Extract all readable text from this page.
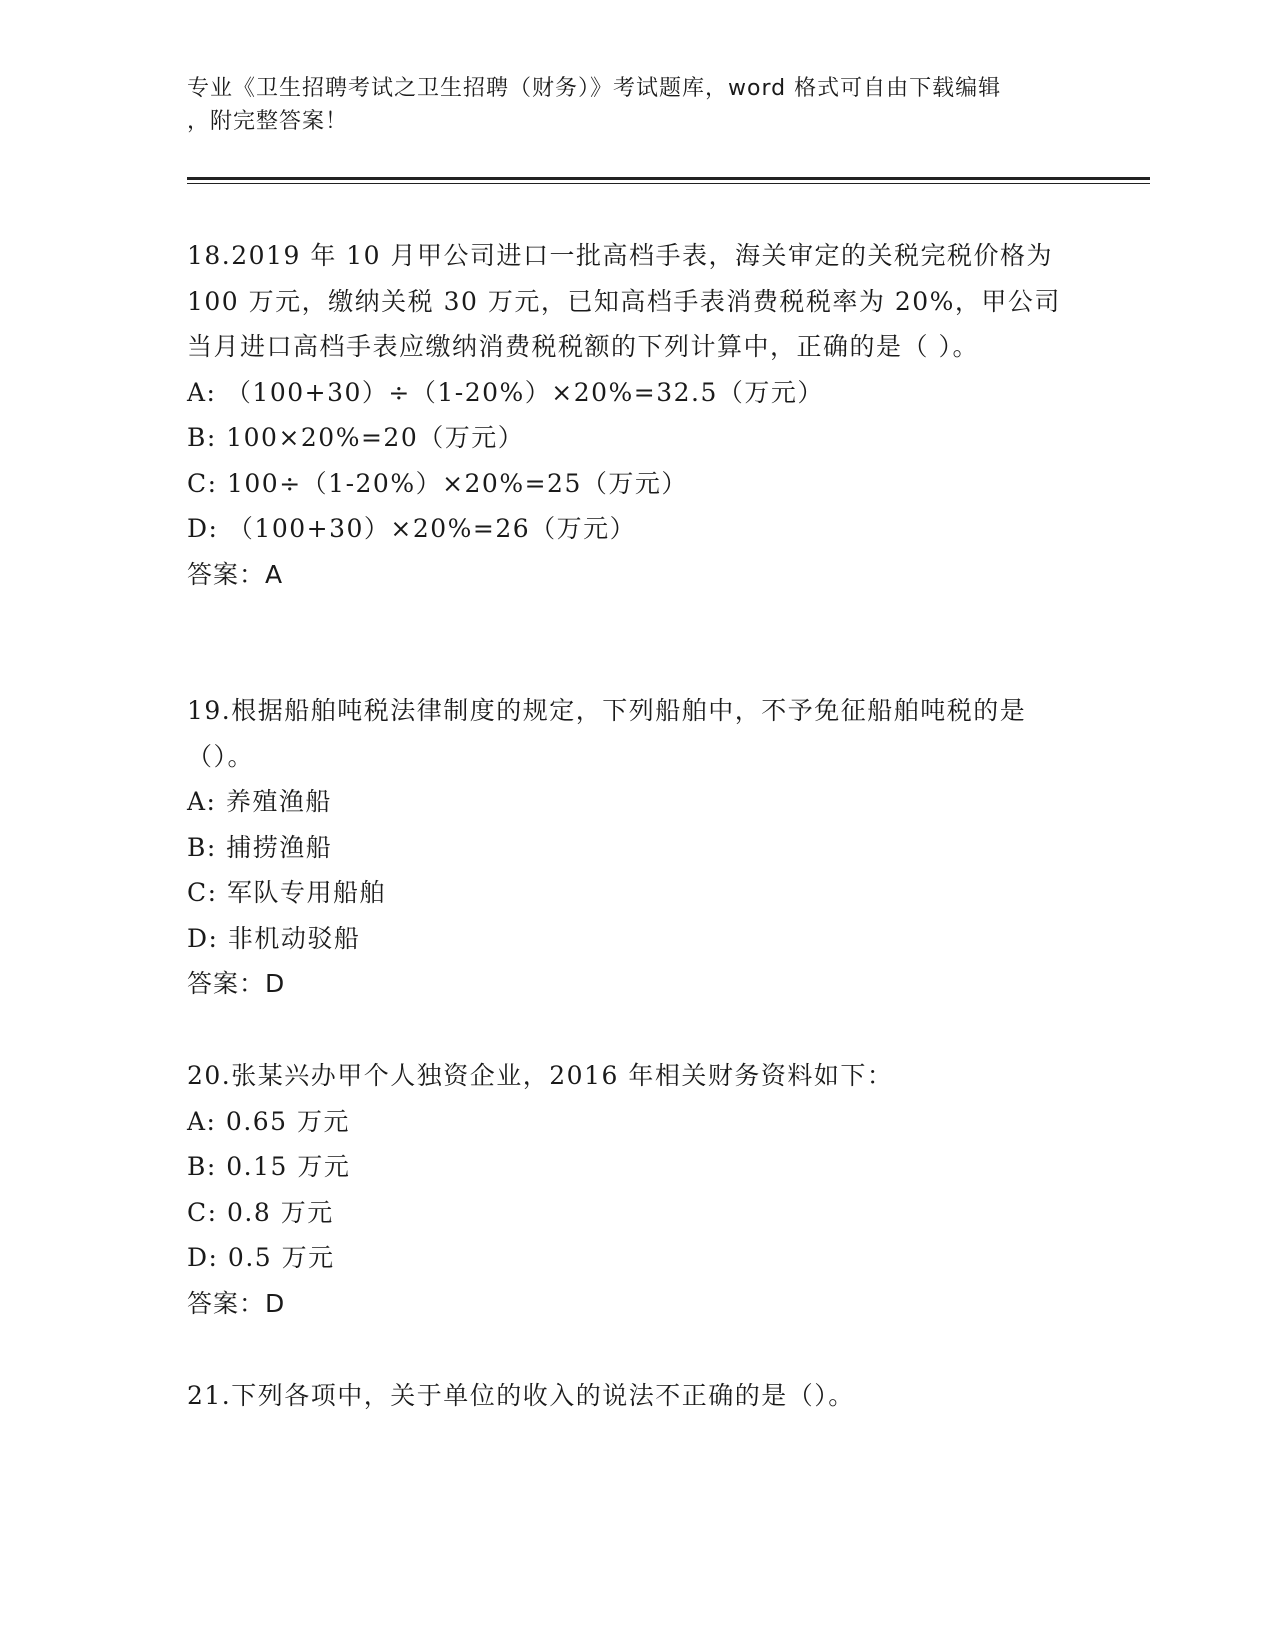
专业《卫生招聘考试之卫生招聘（财务）》考试题库，word 格式可自由下载编辑
，附完整答案！
18.2019 年 10 月甲公司进口一批高档手表，海关审定的关税完税价格为 100 万元，缴纳关税 30 万元，已知高档手表消费税税率为 20%，甲公司当月进口高档手表应缴纳消费税税额的下列计算中，正确的是（ ）。
A: （100+30）÷（1-20%）×20%=32.5（万元）
B: 100×20%=20（万元）
C: 100÷（1-20%）×20%=25（万元）
D: （100+30）×20%=26（万元）
答案：A
19.根据船舶吨税法律制度的规定，下列船舶中，不予免征船舶吨税的是（）。
A: 养殖渔船
B: 捕捞渔船
C: 军队专用船舶
D: 非机动驳船
答案：D
20.张某兴办甲个人独资企业，2016 年相关财务资料如下：
A: 0.65 万元
B: 0.15 万元
C: 0.8 万元
D: 0.5 万元
答案：D
21.下列各项中，关于单位的收入的说法不正确的是（）。
